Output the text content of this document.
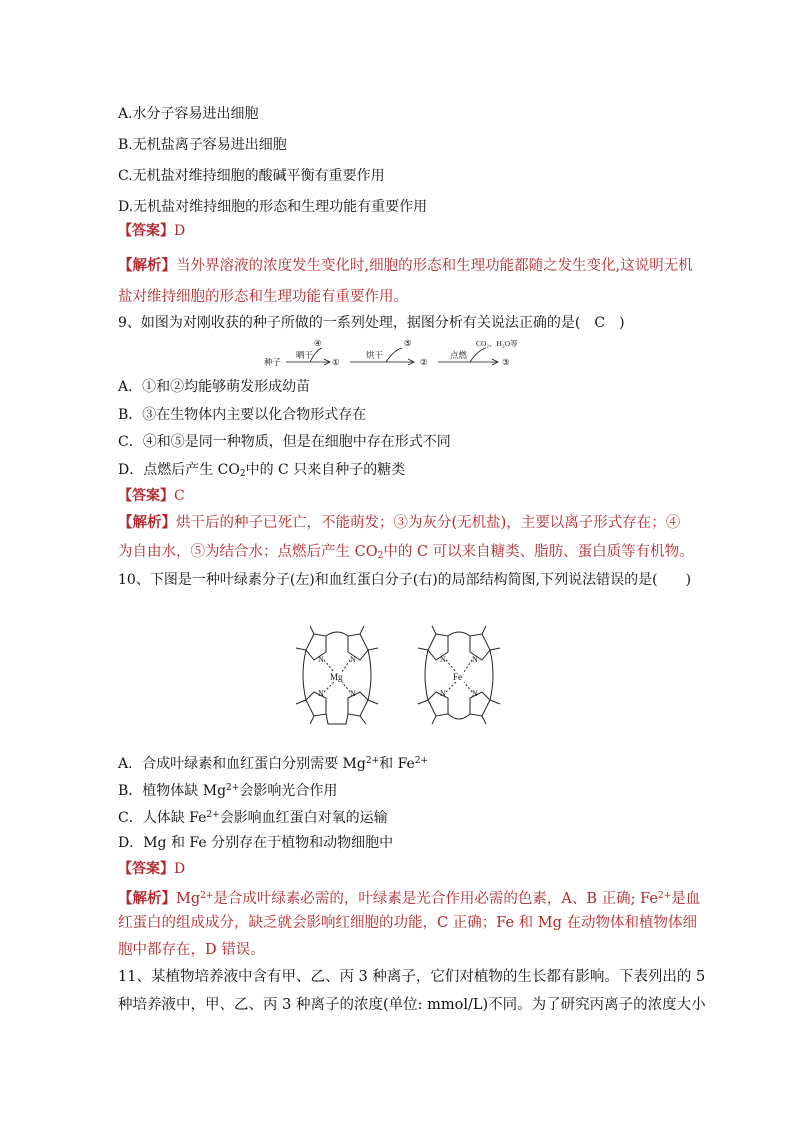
A.水分子容易进出细胞
B.无机盐离子容易进出细胞
C.无机盐对维持细胞的酸碱平衡有重要作用
D.无机盐对维持细胞的形态和生理功能有重要作用
【答案】D
【解析】当外界溶液的浓度发生变化时,细胞的形态和生理功能都随之发生变化,这说明无机
盐对维持细胞的形态和生理功能有重要作用。
9、如图为对刚收获的种子所做的一系列处理，据图分析有关说法正确的是(　C　)
种子
晒干
④
①
烘干
⑤
②
点燃
CO₂、H₂O等
③
A．①和②均能够萌发形成幼苗
B．③在生物体内主要以化合物形式存在
C．④和⑤是同一种物质，但是在细胞中存在形式不同
D．点燃后产生 $CO_2$中的 C 只来自种子的糖类
【答案】C
【解析】烘干后的种子已死亡，不能萌发；③为灰分(无机盐)，主要以离子形式存在；④
为自由水，⑤为结合水；点燃后产生 $CO_2$中的 C 可以来自糖类、脂肪、蛋白质等有机物。
10、下图是一种叶绿素分子(左)和血红蛋白分子(右)的局部结构简图,下列说法错误的是(　　)
N	N
N	N
Mg
N	N
N	N
Fe
A．合成叶绿素和血红蛋白分别需要 $Mg^{2+}$和 $Fe^{2+}$
B．植物体缺 $Mg^{2+}$会影响光合作用
C．人体缺 $Fe^{2+}$会影响血红蛋白对氧的运输
D．Mg 和 Fe 分别存在于植物和动物细胞中
【答案】D
【解析】$Mg^{2+}$是合成叶绿素必需的，叶绿素是光合作用必需的色素，A、B 正确; $Fe^{2+}$是血
红蛋白的组成成分，缺乏就会影响红细胞的功能，C 正确；Fe 和 Mg 在动物体和植物体细
胞中都存在，D 错误。
11、某植物培养液中含有甲、乙、丙 3 种离子，它们对植物的生长都有影响。下表列出的 5
种培养液中，甲、乙、丙 3 种离子的浓度(单位: mmol/L)不同。为了研究丙离子的浓度大小
